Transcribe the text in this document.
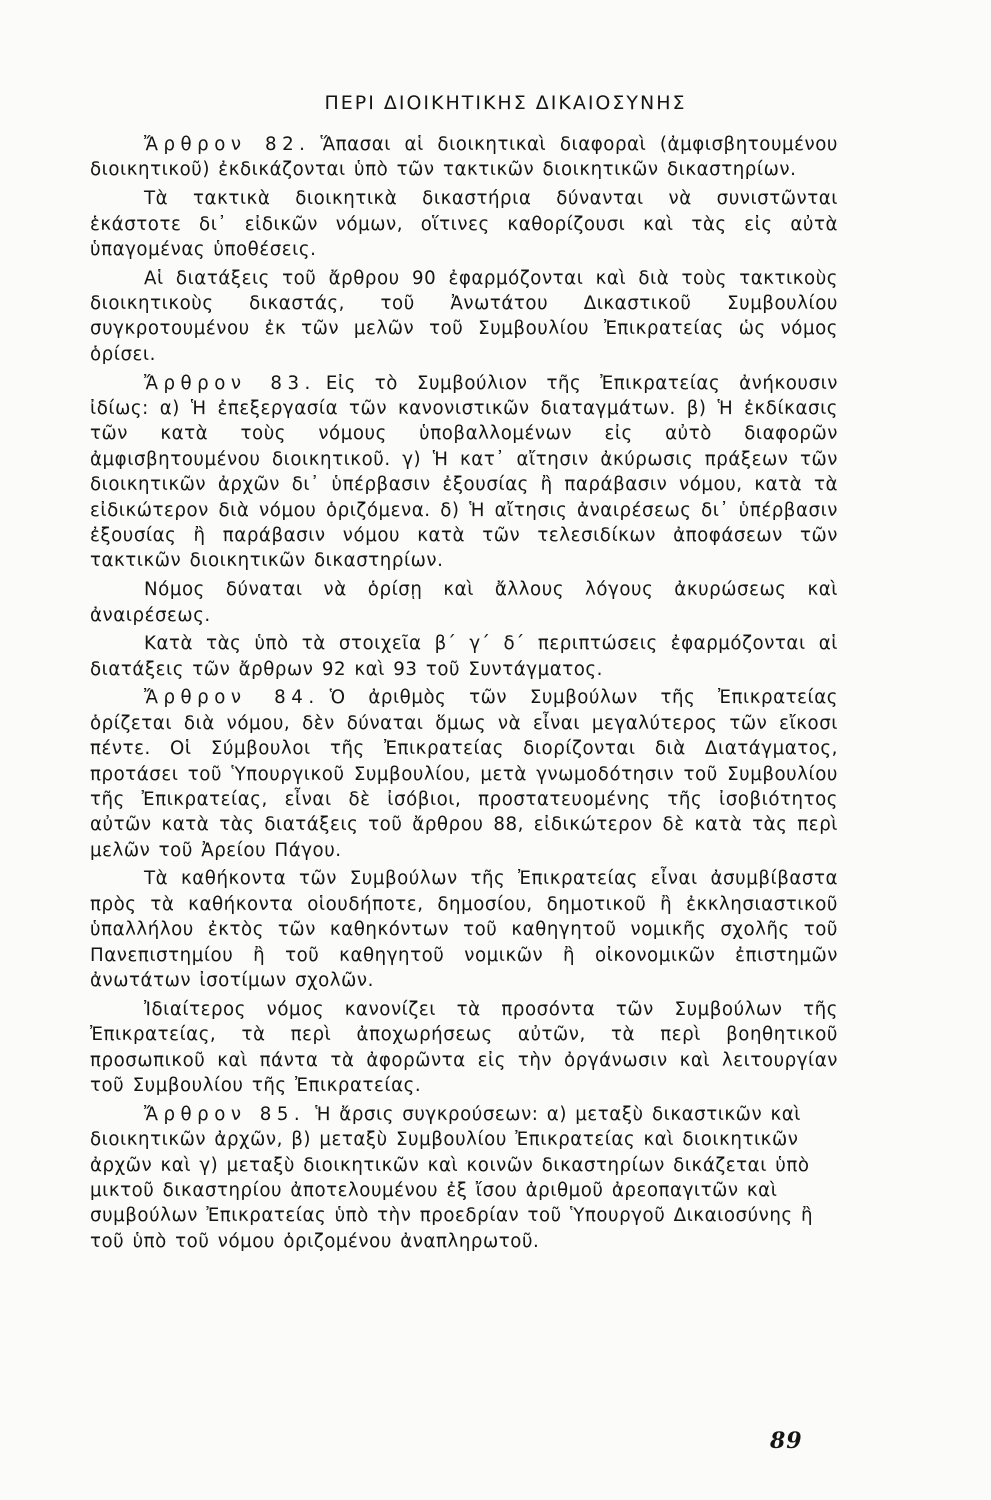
ΠΕΡΙ ΔΙΟΙΚΗΤΙΚΗΣ ΔΙΚΑΙΟΣΥΝΗΣ

Ἄρθρον 82. Ἅπασαι αἱ διοικητικαὶ διαφοραὶ (ἀμφισβητουμένου διοικητικοῦ) ἐκδικάζονται ὑπὸ τῶν τακτικῶν διοικητικῶν δικαστηρίων.

Τὰ τακτικὰ διοικητικὰ δικαστήρια δύνανται νὰ συνιστῶνται ἑκάστοτε δι᾿ εἰδικῶν νόμων, οἵτινες καθορίζουσι καὶ τὰς εἰς αὐτὰ ὑπαγομένας ὑποθέσεις.

Αἱ διατάξεις τοῦ ἄρθρου 90 ἐφαρμόζονται καὶ διὰ τοὺς τακτικοὺς διοικητικοὺς δικαστάς, τοῦ Ἀνωτάτου Δικαστικοῦ Συμβουλίου συγκροτουμένου ἐκ τῶν μελῶν τοῦ Συμβουλίου Ἐπικρατείας ὡς νόμος ὁρίσει.

Ἄρθρον 83. Εἰς τὸ Συμβούλιον τῆς Ἐπικρατείας ἀνήκουσιν ἰδίως: α) Ἡ ἐπεξεργασία τῶν κανονιστικῶν διαταγμάτων. β) Ἡ ἐκδίκασις τῶν κατὰ τοὺς νόμους ὑποβαλλομένων εἰς αὐτὸ διαφορῶν ἀμφισβητουμένου διοικητικοῦ. γ) Ἡ κατ᾿ αἴτησιν ἀκύρωσις πράξεων τῶν διοικητικῶν ἀρχῶν δι᾿ ὑπέρβασιν ἐξουσίας ἢ παράβασιν νόμου, κατὰ τὰ εἰδικώτερον διὰ νόμου ὁριζόμενα. δ) Ἡ αἴτησις ἀναιρέσεως δι᾿ ὑπέρβασιν ἐξουσίας ἢ παράβασιν νόμου κατὰ τῶν τελεσιδίκων ἀποφάσεων τῶν τακτικῶν διοικητικῶν δικαστηρίων.

Νόμος δύναται νὰ ὁρίσῃ καὶ ἄλλους λόγους ἀκυρώσεως καὶ ἀναιρέσεως.

Κατὰ τὰς ὑπὸ τὰ στοιχεῖα β´ γ´ δ´ περιπτώσεις ἐφαρμόζονται αἱ διατάξεις τῶν ἄρθρων 92 καὶ 93 τοῦ Συντάγματος.

Ἄρθρον 84. Ὁ ἀριθμὸς τῶν Συμβούλων τῆς Ἐπικρατείας ὁρίζεται διὰ νόμου, δὲν δύναται ὅμως νὰ εἶναι μεγαλύτερος τῶν εἴκοσι πέντε. Οἱ Σύμβουλοι τῆς Ἐπικρατείας διορίζονται διὰ Διατάγματος, προτάσει τοῦ Ὑπουργικοῦ Συμβουλίου, μετὰ γνωμοδότησιν τοῦ Συμβουλίου τῆς Ἐπικρατείας, εἶναι δὲ ἰσόβιοι, προστατευομένης τῆς ἰσοβιότητος αὐτῶν κατὰ τὰς διατάξεις τοῦ ἄρθρου 88, εἰδικώτερον δὲ κατὰ τὰς περὶ μελῶν τοῦ Ἀρείου Πάγου.

Τὰ καθήκοντα τῶν Συμβούλων τῆς Ἐπικρατείας εἶναι ἀσυμβίβαστα πρὸς τὰ καθήκοντα οἱουδήποτε, δημοσίου, δημοτικοῦ ἢ ἐκκλησιαστικοῦ ὑπαλλήλου ἐκτὸς τῶν καθηκόντων τοῦ καθηγητοῦ νομικῆς σχολῆς τοῦ Πανεπιστημίου ἢ τοῦ καθηγητοῦ νομικῶν ἢ οἰκονομικῶν ἐπιστημῶν ἀνωτάτων ἰσοτίμων σχολῶν.

Ἰδιαίτερος νόμος κανονίζει τὰ προσόντα τῶν Συμβούλων τῆς Ἐπικρατείας, τὰ περὶ ἀποχωρήσεως αὐτῶν, τὰ περὶ βοηθητικοῦ προσωπικοῦ καὶ πάντα τὰ ἀφορῶντα εἰς τὴν ὀργάνωσιν καὶ λειτουργίαν τοῦ Συμβουλίου τῆς Ἐπικρατείας.

Ἄρθρον 85. Ἡ ἄρσις συγκρούσεων: α) μεταξὺ δικαστικῶν καὶ διοικητικῶν ἀρχῶν, β) μεταξὺ Συμβουλίου Ἐπικρατείας καὶ διοικητικῶν ἀρχῶν καὶ γ) μεταξὺ διοικητικῶν καὶ κοινῶν δικαστηρίων δικάζεται ὑπὸ μικτοῦ δικαστηρίου ἀποτελουμένου ἐξ ἴσου ἀριθμοῦ ἀρεοπαγιτῶν καὶ συμβούλων Ἐπικρατείας ὑπὸ τὴν προεδρίαν τοῦ Ὑπουργοῦ Δικαιοσύνης ἢ τοῦ ὑπὸ τοῦ νόμου ὁριζομένου ἀναπληρωτοῦ.

89
